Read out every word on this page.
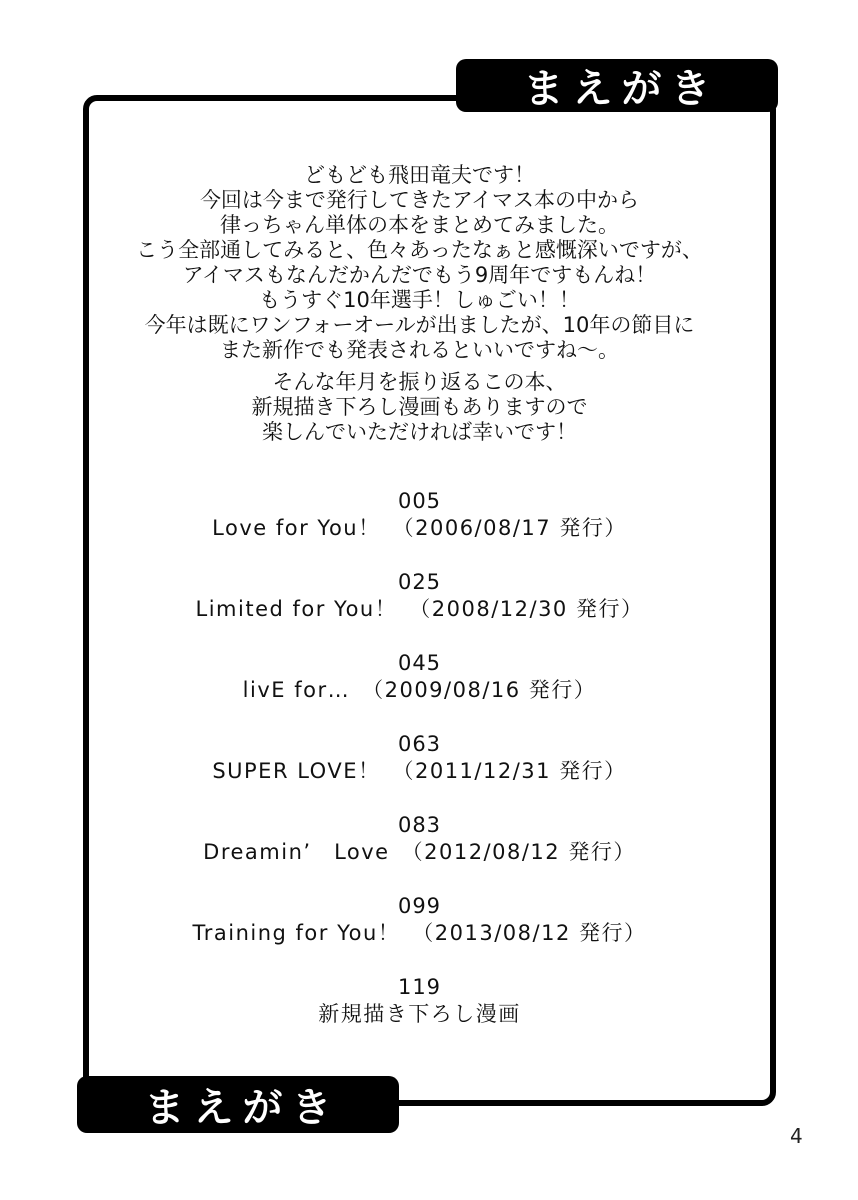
まえがき
どもども飛田竜夫です！
今回は今まで発行してきたアイマス本の中から
律っちゃん単体の本をまとめてみました。
こう全部通してみると、色々あったなぁと感慨深いですが、
アイマスもなんだかんだでもう9周年ですもんね！
もうすぐ10年選手！しゅごい！！
今年は既にワンフォーオールが出ましたが、10年の節目に
また新作でも発表されるといいですね～。
そんな年月を振り返るこの本、
新規描き下ろし漫画もありますので
楽しんでいただければ幸いです！
005
Love for You！ （2006/08/17 発行）
025
Limited for You！ （2008/12/30 発行）
045
livE for… （2009/08/16 発行）
063
SUPER LOVE！ （2011/12/31 発行）
083
Dreamin’　Love （2012/08/12 発行）
099
Training for You！ （2013/08/12 発行）
119
新規描き下ろし漫画
まえがき
4
